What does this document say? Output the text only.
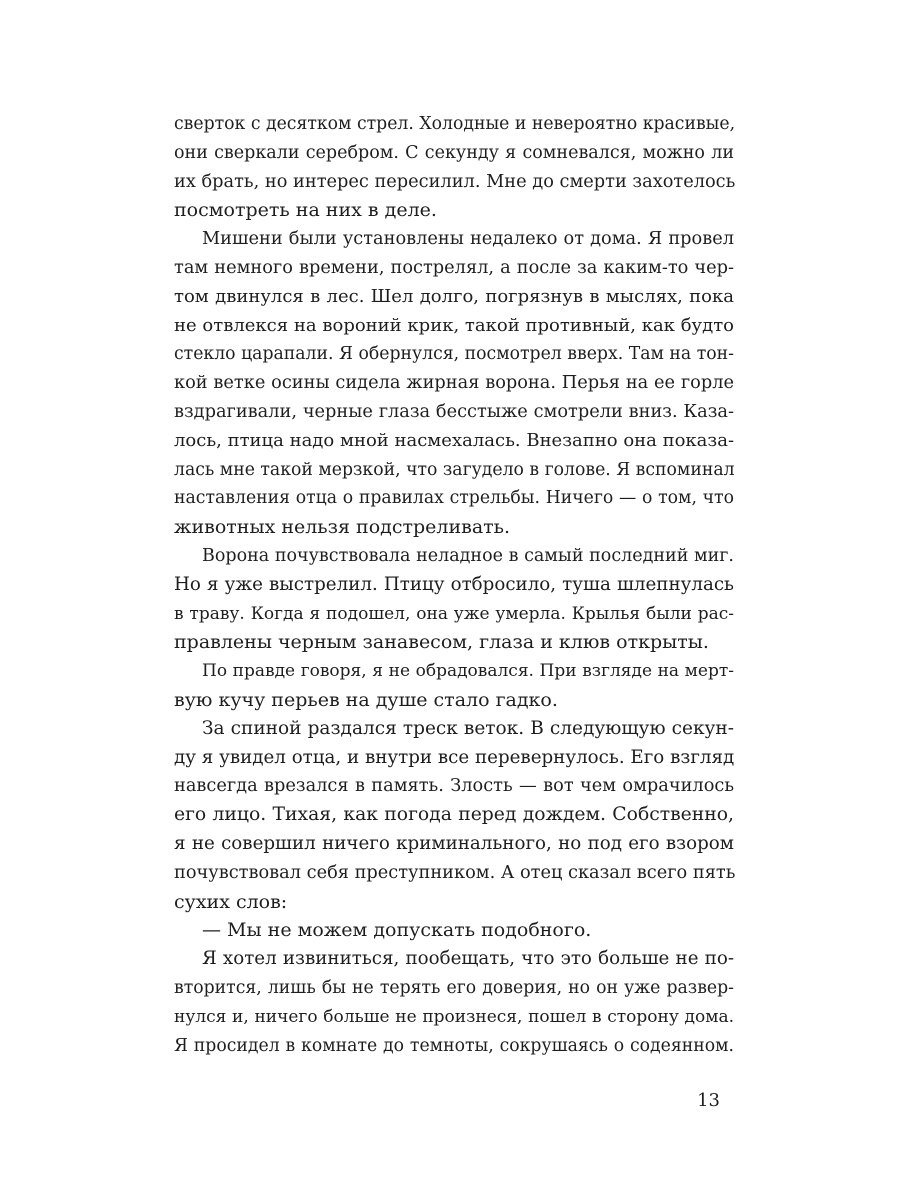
сверток с десятком стрел. Холодные и невероятно красивые,
они сверкали серебром. С секунду я сомневался, можно ли
их брать, но интерес пересилил. Мне до смерти захотелось
посмотреть на них в деле.
Мишени были установлены недалеко от дома. Я провел
там немного времени, пострелял, а после за каким-то чер-
том двинулся в лес. Шел долго, погрязнув в мыслях, пока
не отвлекся на вороний крик, такой противный, как будто
стекло царапали. Я обернулся, посмотрел вверх. Там на тон-
кой ветке осины сидела жирная ворона. Перья на ее горле
вздрагивали, черные глаза бесстыже смотрели вниз. Каза-
лось, птица надо мной насмехалась. Внезапно она показа-
лась мне такой мерзкой, что загудело в голове. Я вспоминал
наставления отца о правилах стрельбы. Ничего — о том, что
животных нельзя подстреливать.
Ворона почувствовала неладное в самый последний миг.
Но я уже выстрелил. Птицу отбросило, туша шлепнулась
в траву. Когда я подошел, она уже умерла. Крылья были рас-
правлены черным занавесом, глаза и клюв открыты.
По правде говоря, я не обрадовался. При взгляде на мерт-
вую кучу перьев на душе стало гадко.
За спиной раздался треск веток. В следующую секун-
ду я увидел отца, и внутри все перевернулось. Его взгляд
навсегда врезался в память. Злость — вот чем омрачилось
его лицо. Тихая, как погода перед дождем. Собственно,
я не совершил ничего криминального, но под его взором
почувствовал себя преступником. А отец сказал всего пять
сухих слов:
— Мы не можем допускать подобного.
Я хотел извиниться, пообещать, что это больше не по-
вторится, лишь бы не терять его доверия, но он уже развер-
нулся и, ничего больше не произнеся, пошел в сторону дома.
Я просидел в комнате до темноты, сокрушаясь о содеянном.
13
